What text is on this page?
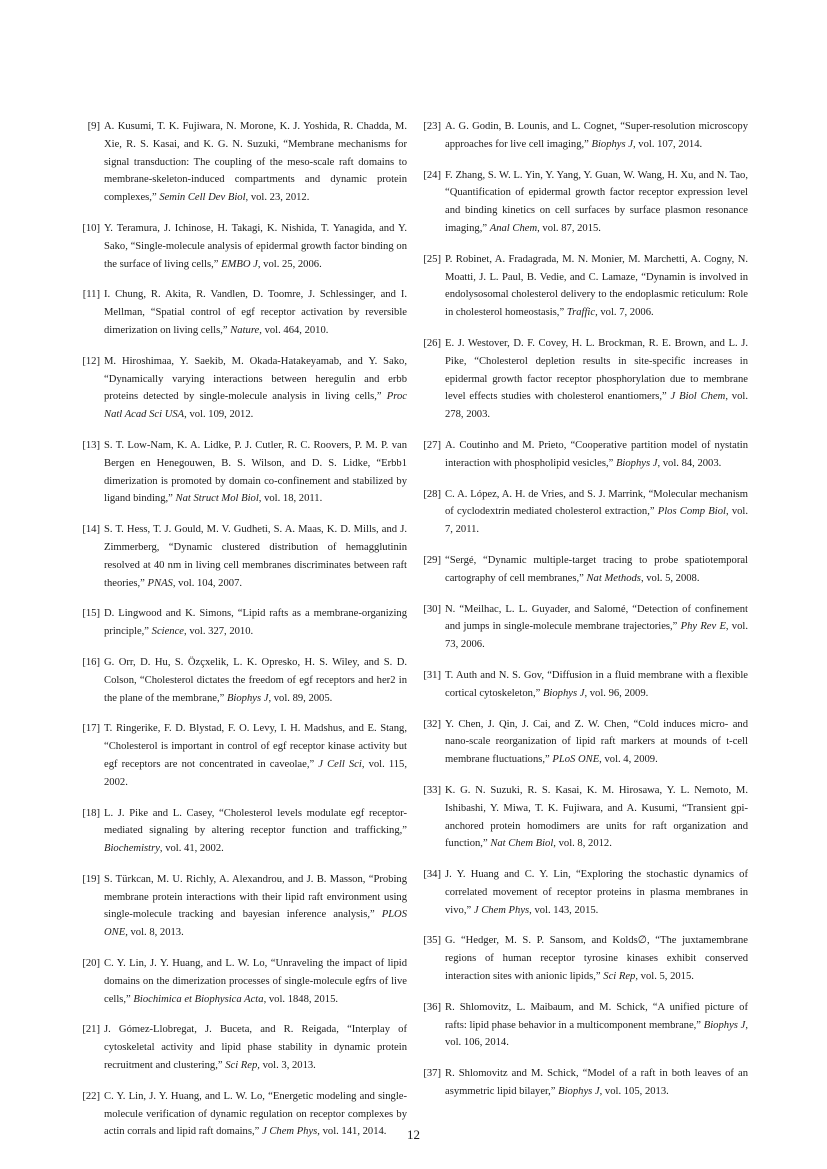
[9] A. Kusumi, T. K. Fujiwara, N. Morone, K. J. Yoshida, R. Chadda, M. Xie, R. S. Kasai, and K. G. N. Suzuki, “Membrane mechanisms for signal transduction: The coupling of the meso-scale raft domains to membrane-skeleton-induced compartments and dynamic protein complexes,” Semin Cell Dev Biol, vol. 23, 2012.
[10] Y. Teramura, J. Ichinose, H. Takagi, K. Nishida, T. Yanagida, and Y. Sako, “Single-molecule analysis of epidermal growth factor binding on the surface of living cells,” EMBO J, vol. 25, 2006.
[11] I. Chung, R. Akita, R. Vandlen, D. Toomre, J. Schlessinger, and I. Mellman, “Spatial control of egf receptor activation by reversible dimerization on living cells,” Nature, vol. 464, 2010.
[12] M. Hiroshimaa, Y. Saekib, M. Okada-Hatakeyamab, and Y. Sako, “Dynamically varying interactions between heregulin and erbb proteins detected by single-molecule analysis in living cells,” Proc Natl Acad Sci USA, vol. 109, 2012.
[13] S. T. Low-Nam, K. A. Lidke, P. J. Cutler, R. C. Roovers, P. M. P. van Bergen en Henegouwen, B. S. Wilson, and D. S. Lidke, “Erbb1 dimerization is promoted by domain co-confinement and stabilized by ligand binding,” Nat Struct Mol Biol, vol. 18, 2011.
[14] S. T. Hess, T. J. Gould, M. V. Gudheti, S. A. Maas, K. D. Mills, and J. Zimmerberg, “Dynamic clustered distribution of hemagglutinin resolved at 40 nm in living cell membranes discriminates between raft theories,” PNAS, vol. 104, 2007.
[15] D. Lingwood and K. Simons, “Lipid rafts as a membrane-organizing principle,” Science, vol. 327, 2010.
[16] G. Orr, D. Hu, S. Özçxelik, L. K. Opresko, H. S. Wiley, and S. D. Colson, “Cholesterol dictates the freedom of egf receptors and her2 in the plane of the membrane,” Biophys J, vol. 89, 2005.
[17] T. Ringerike, F. D. Blystad, F. O. Levy, I. H. Madshus, and E. Stang, “Cholesterol is important in control of egf receptor kinase activity but egf receptors are not concentrated in caveolae,” J Cell Sci, vol. 115, 2002.
[18] L. J. Pike and L. Casey, “Cholesterol levels modulate egf receptor-mediated signaling by altering receptor function and trafficking,” Biochemistry, vol. 41, 2002.
[19] S. Türkcan, M. U. Richly, A. Alexandrou, and J. B. Masson, “Probing membrane protein interactions with their lipid raft environment using single-molecule tracking and bayesian inference analysis,” PLOS ONE, vol. 8, 2013.
[20] C. Y. Lin, J. Y. Huang, and L. W. Lo, “Unraveling the impact of lipid domains on the dimerization processes of single-molecule egfrs of live cells,” Biochimica et Biophysica Acta, vol. 1848, 2015.
[21] J. Gómez-Llobregat, J. Buceta, and R. Reigada, “Interplay of cytoskeletal activity and lipid phase stability in dynamic protein recruitment and clustering,” Sci Rep, vol. 3, 2013.
[22] C. Y. Lin, J. Y. Huang, and L. W. Lo, “Energetic modeling and single-molecule verification of dynamic regulation on receptor complexes by actin corrals and lipid raft domains,” J Chem Phys, vol. 141, 2014.
[23] A. G. Godin, B. Lounis, and L. Cognet, “Super-resolution microscopy approaches for live cell imaging,” Biophys J, vol. 107, 2014.
[24] F. Zhang, S. W. L. Yin, Y. Yang, Y. Guan, W. Wang, H. Xu, and N. Tao, “Quantification of epidermal growth factor receptor expression level and binding kinetics on cell surfaces by surface plasmon resonance imaging,” Anal Chem, vol. 87, 2015.
[25] P. Robinet, A. Fradagrada, M. N. Monier, M. Marchetti, A. Cogny, N. Moatti, J. L. Paul, B. Vedie, and C. Lamaze, “Dynamin is involved in endolysosomal cholesterol delivery to the endoplasmic reticulum: Role in cholesterol homeostasis,” Traffic, vol. 7, 2006.
[26] E. J. Westover, D. F. Covey, H. L. Brockman, R. E. Brown, and L. J. Pike, “Cholesterol depletion results in site-specific increases in epidermal growth factor receptor phosphorylation due to membrane level effects studies with cholesterol enantiomers,” J Biol Chem, vol. 278, 2003.
[27] A. Coutinho and M. Prieto, “Cooperative partition model of nystatin interaction with phospholipid vesicles,” Biophys J, vol. 84, 2003.
[28] C. A. López, A. H. de Vries, and S. J. Marrink, “Molecular mechanism of cyclodextrin mediated cholesterol extraction,” Plos Comp Biol, vol. 7, 2011.
[29] “Sergé, “Dynamic multiple-target tracing to probe spatiotemporal cartography of cell membranes,” Nat Methods, vol. 5, 2008.
[30] N. “Meilhac, L. L. Guyader, and Salomé, “Detection of confinement and jumps in single-molecule membrane trajectories,” Phy Rev E, vol. 73, 2006.
[31] T. Auth and N. S. Gov, “Diffusion in a fluid membrane with a flexible cortical cytoskeleton,” Biophys J, vol. 96, 2009.
[32] Y. Chen, J. Qin, J. Cai, and Z. W. Chen, “Cold induces micro- and nano-scale reorganization of lipid raft markers at mounds of t-cell membrane fluctuations,” PLoS ONE, vol. 4, 2009.
[33] K. G. N. Suzuki, R. S. Kasai, K. M. Hirosawa, Y. L. Nemoto, M. Ishibashi, Y. Miwa, T. K. Fujiwara, and A. Kusumi, “Transient gpi-anchored protein homodimers are units for raft organization and function,” Nat Chem Biol, vol. 8, 2012.
[34] J. Y. Huang and C. Y. Lin, “Exploring the stochastic dynamics of correlated movement of receptor proteins in plasma membranes in vivo,” J Chem Phys, vol. 143, 2015.
[35] G. “Hedger, M. S. P. Sansom, and Kolds∅, “The juxtamembrane regions of human receptor tyrosine kinases exhibit conserved interaction sites with anionic lipids,” Sci Rep, vol. 5, 2015.
[36] R. Shlomovitz, L. Maibaum, and M. Schick, “A unified picture of rafts: lipid phase behavior in a multicomponent membrane,” Biophys J, vol. 106, 2014.
[37] R. Shlomovitz and M. Schick, “Model of a raft in both leaves of an asymmetric lipid bilayer,” Biophys J, vol. 105, 2013.
12
